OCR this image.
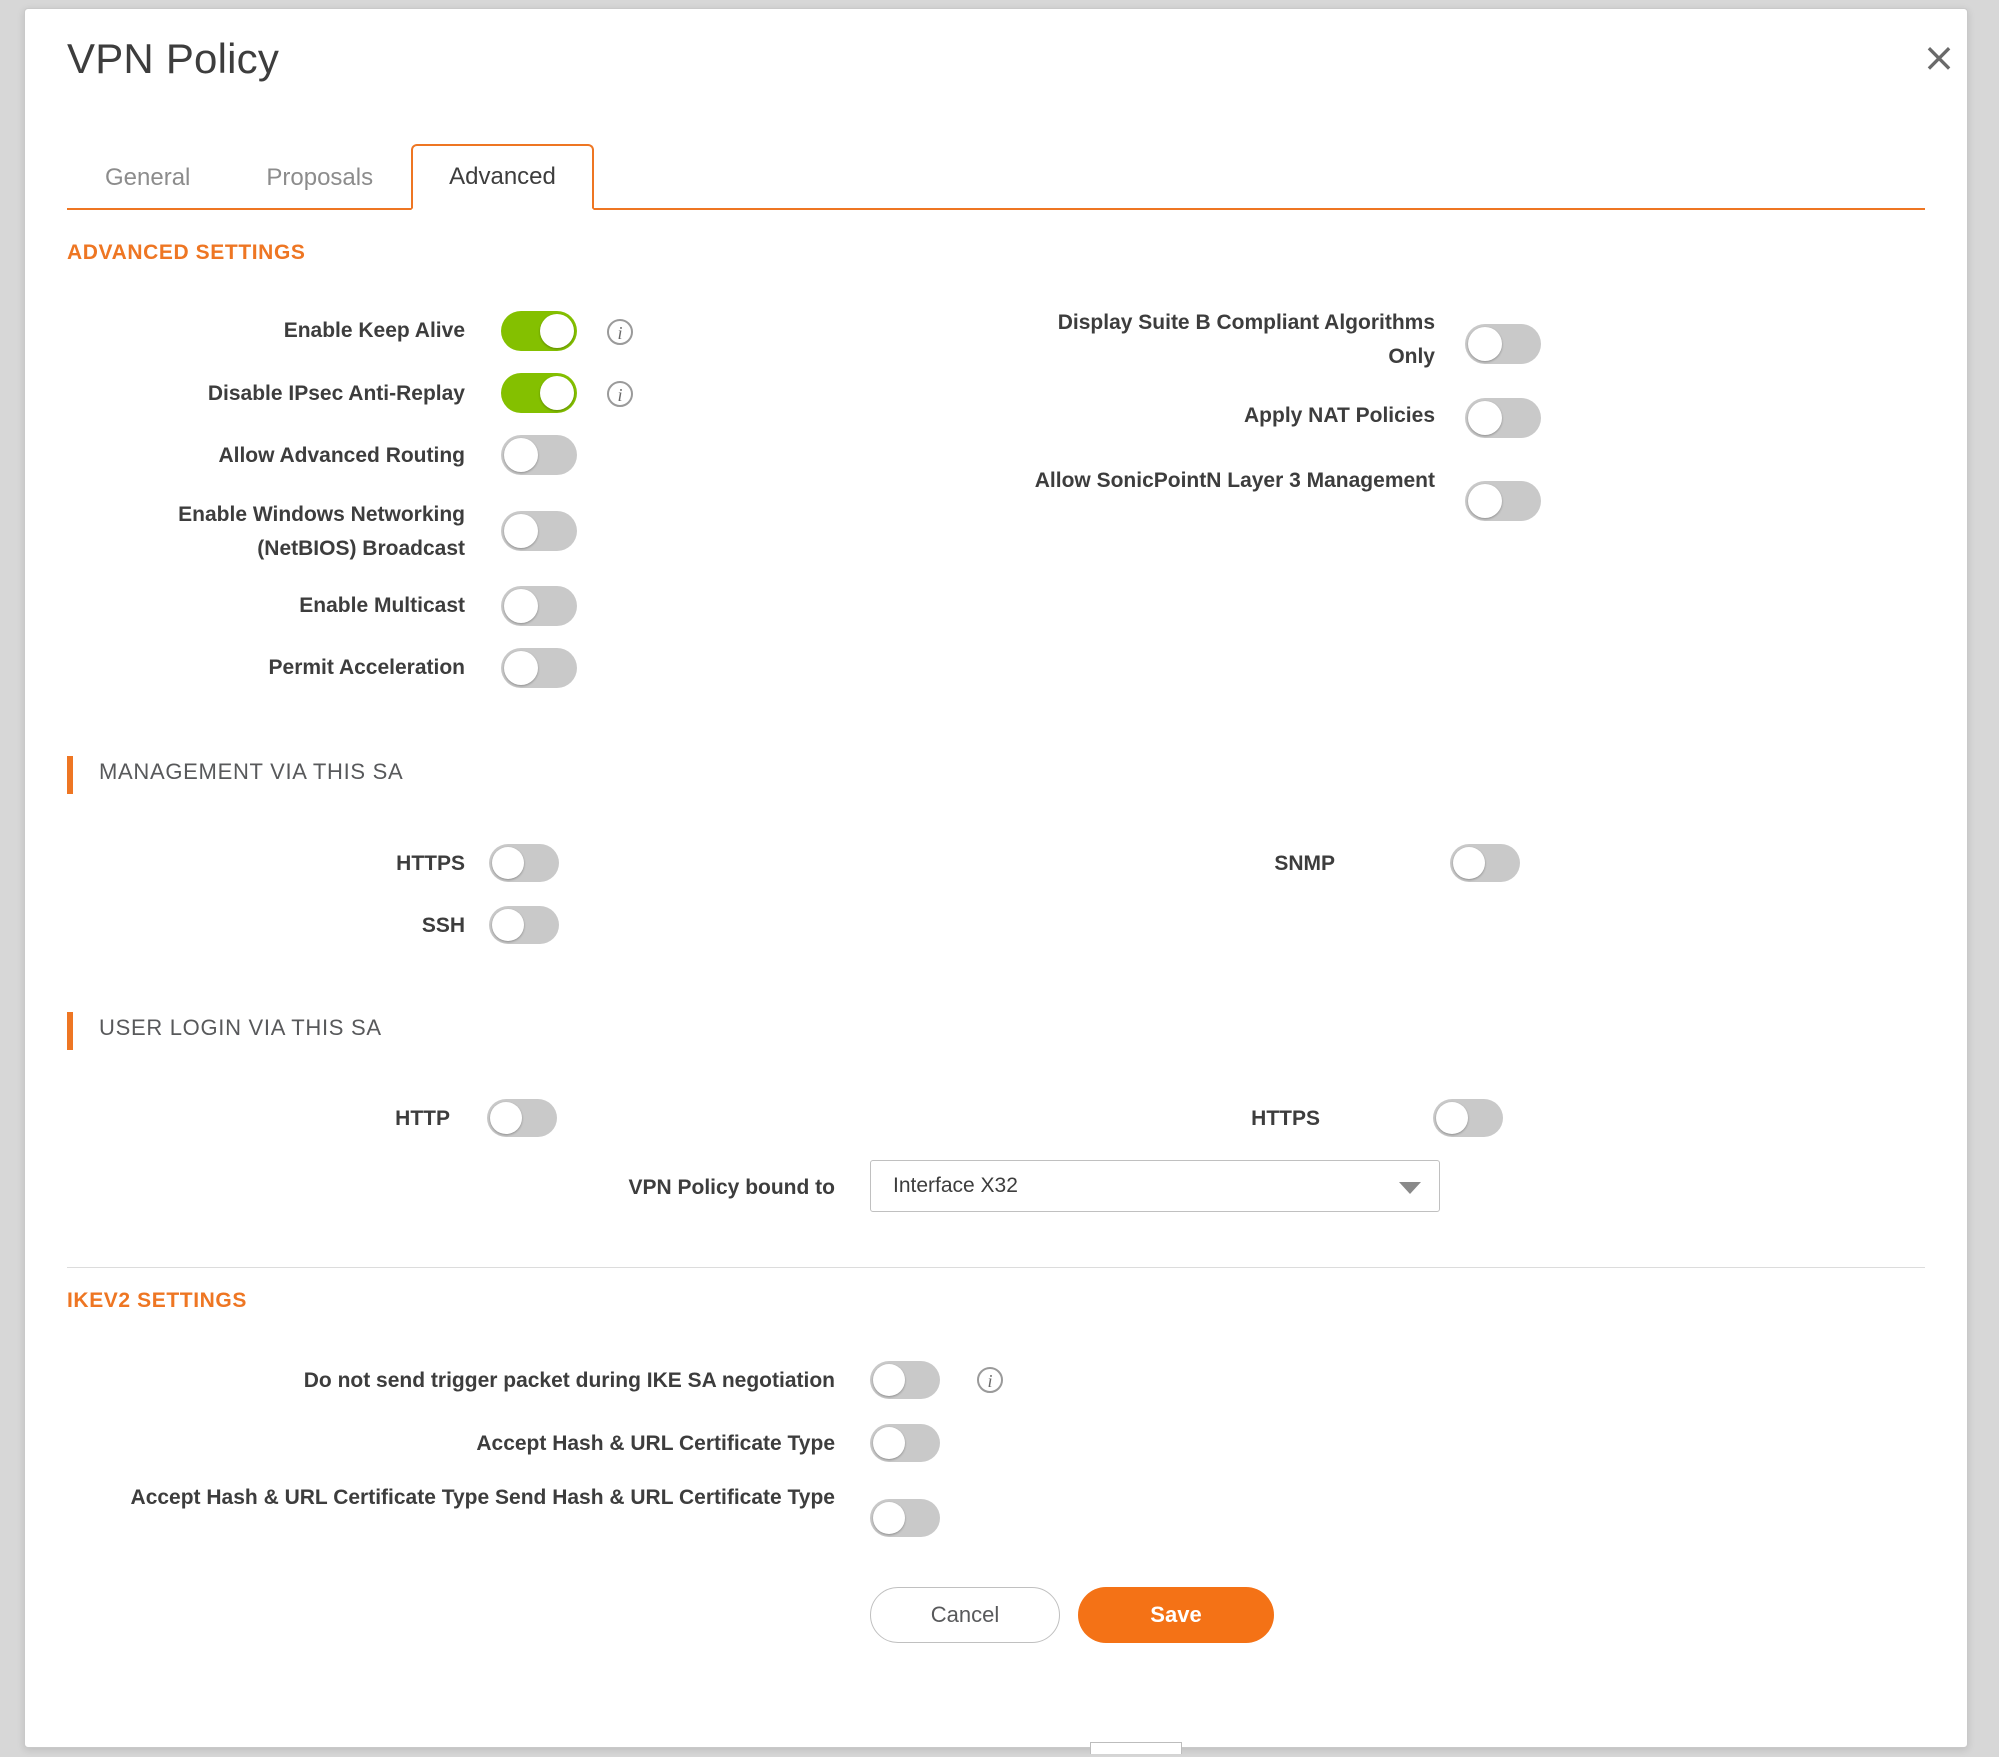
×
VPN Policy
General	Proposals	Advanced
ADVANCED SETTINGS
Enable Keep Alive	i
Disable IPsec Anti-Replay	i
Allow Advanced Routing
Enable Windows Networking (NetBIOS) Broadcast
Enable Multicast
Permit Acceleration
Display Suite B Compliant Algorithms Only
Apply NAT Policies
Allow SonicPointN Layer 3 Management
MANAGEMENT VIA THIS SA
HTTPS
SSH
SNMP
USER LOGIN VIA THIS SA
HTTP	HTTPS
VPN Policy bound to	Interface X32
IKEV2 SETTINGS
Do not send trigger packet during IKE SA negotiation	i
Accept Hash & URL Certificate Type
Accept Hash & URL Certificate Type Send Hash & URL Certificate Type
Cancel	Save
